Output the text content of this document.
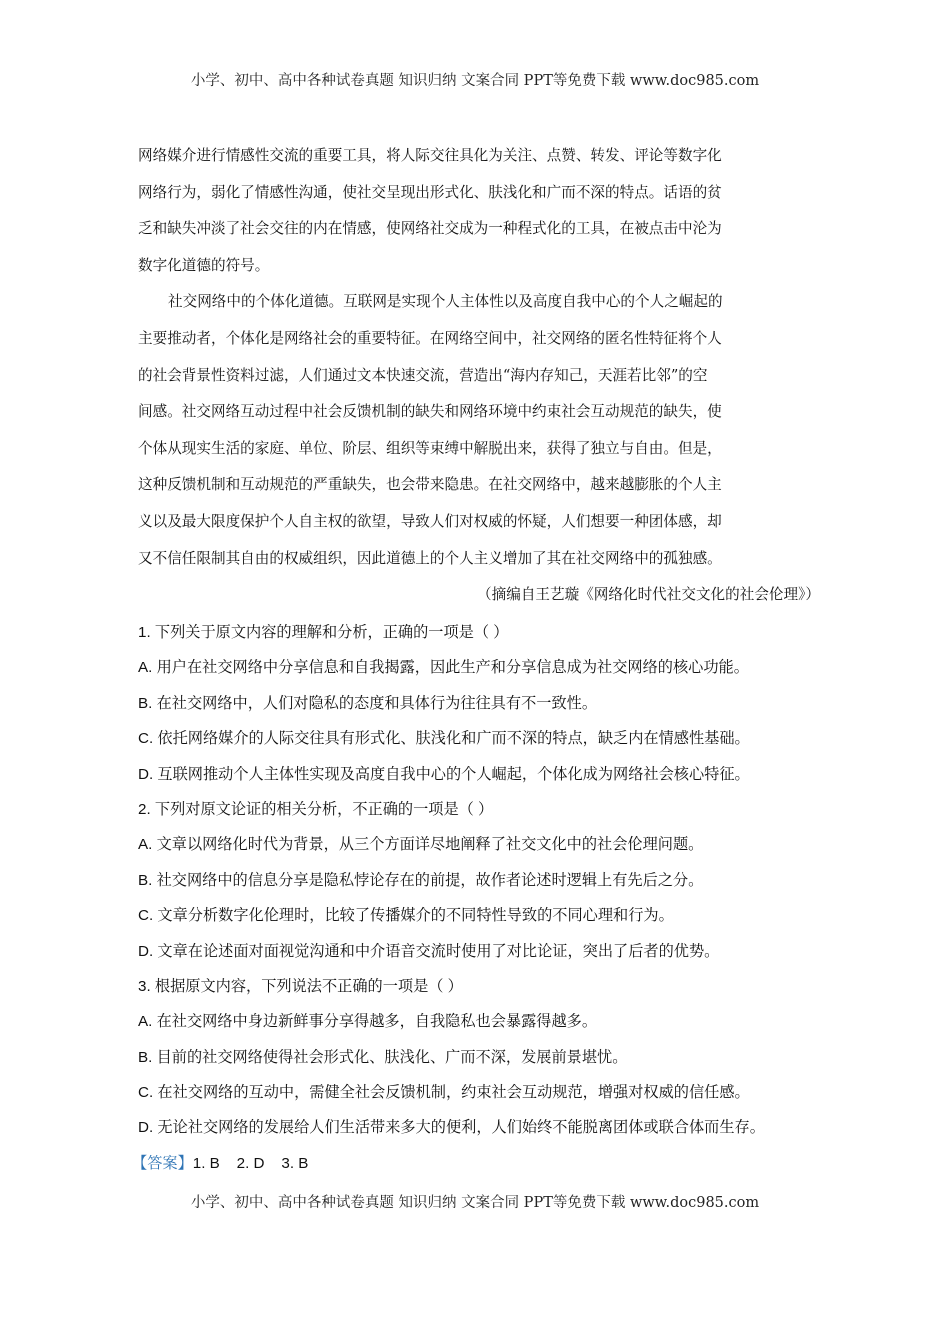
小学、初中、高中各种试卷真题 知识归纳 文案合同 PPT等免费下载 www.doc985.com
网络媒介进行情感性交流的重要工具，将人际交往具化为关注、点赞、转发、评论等数字化
网络行为，弱化了情感性沟通，使社交呈现出形式化、肤浅化和广而不深的特点。话语的贫
乏和缺失冲淡了社会交往的内在情感，使网络社交成为一种程式化的工具，在被点击中沦为
数字化道德的符号。
社交网络中的个体化道德。互联网是实现个人主体性以及高度自我中心的个人之崛起的
主要推动者，个体化是网络社会的重要特征。在网络空间中，社交网络的匿名性特征将个人
的社会背景性资料过滤，人们通过文本快速交流，营造出“海内存知己，天涯若比邻”的空
间感。社交网络互动过程中社会反馈机制的缺失和网络环境中约束社会互动规范的缺失，使
个体从现实生活的家庭、单位、阶层、组织等束缚中解脱出来，获得了独立与自由。但是，
这种反馈机制和互动规范的严重缺失，也会带来隐患。在社交网络中，越来越膨胀的个人主
义以及最大限度保护个人自主权的欲望，导致人们对权威的怀疑，人们想要一种团体感，却
又不信任限制其自由的权威组织，因此道德上的个人主义增加了其在社交网络中的孤独感。
（摘编自王艺璇《网络化时代社交文化的社会伦理》）
1. 下列关于原文内容的理解和分析，正确的一项是（ ）
A. 用户在社交网络中分享信息和自我揭露，因此生产和分享信息成为社交网络的核心功能。
B. 在社交网络中，人们对隐私的态度和具体行为往往具有不一致性。
C. 依托网络媒介的人际交往具有形式化、肤浅化和广而不深的特点，缺乏内在情感性基础。
D. 互联网推动个人主体性实现及高度自我中心的个人崛起，个体化成为网络社会核心特征。
2. 下列对原文论证的相关分析，不正确的一项是（ ）
A. 文章以网络化时代为背景，从三个方面详尽地阐释了社交文化中的社会伦理问题。
B. 社交网络中的信息分享是隐私悖论存在的前提，故作者论述时逻辑上有先后之分。
C. 文章分析数字化伦理时，比较了传播媒介的不同特性导致的不同心理和行为。
D. 文章在论述面对面视觉沟通和中介语音交流时使用了对比论证，突出了后者的优势。
3. 根据原文内容，下列说法不正确的一项是（ ）
A. 在社交网络中身边新鲜事分享得越多，自我隐私也会暴露得越多。
B. 目前的社交网络使得社会形式化、肤浅化、广而不深，发展前景堪忧。
C. 在社交网络的互动中，需健全社会反馈机制，约束社会互动规范，增强对权威的信任感。
D. 无论社交网络的发展给人们生活带来多大的便利，人们始终不能脱离团体或联合体而生存。
【答案】1. B    2. D    3. B
小学、初中、高中各种试卷真题 知识归纳 文案合同 PPT等免费下载 www.doc985.com
